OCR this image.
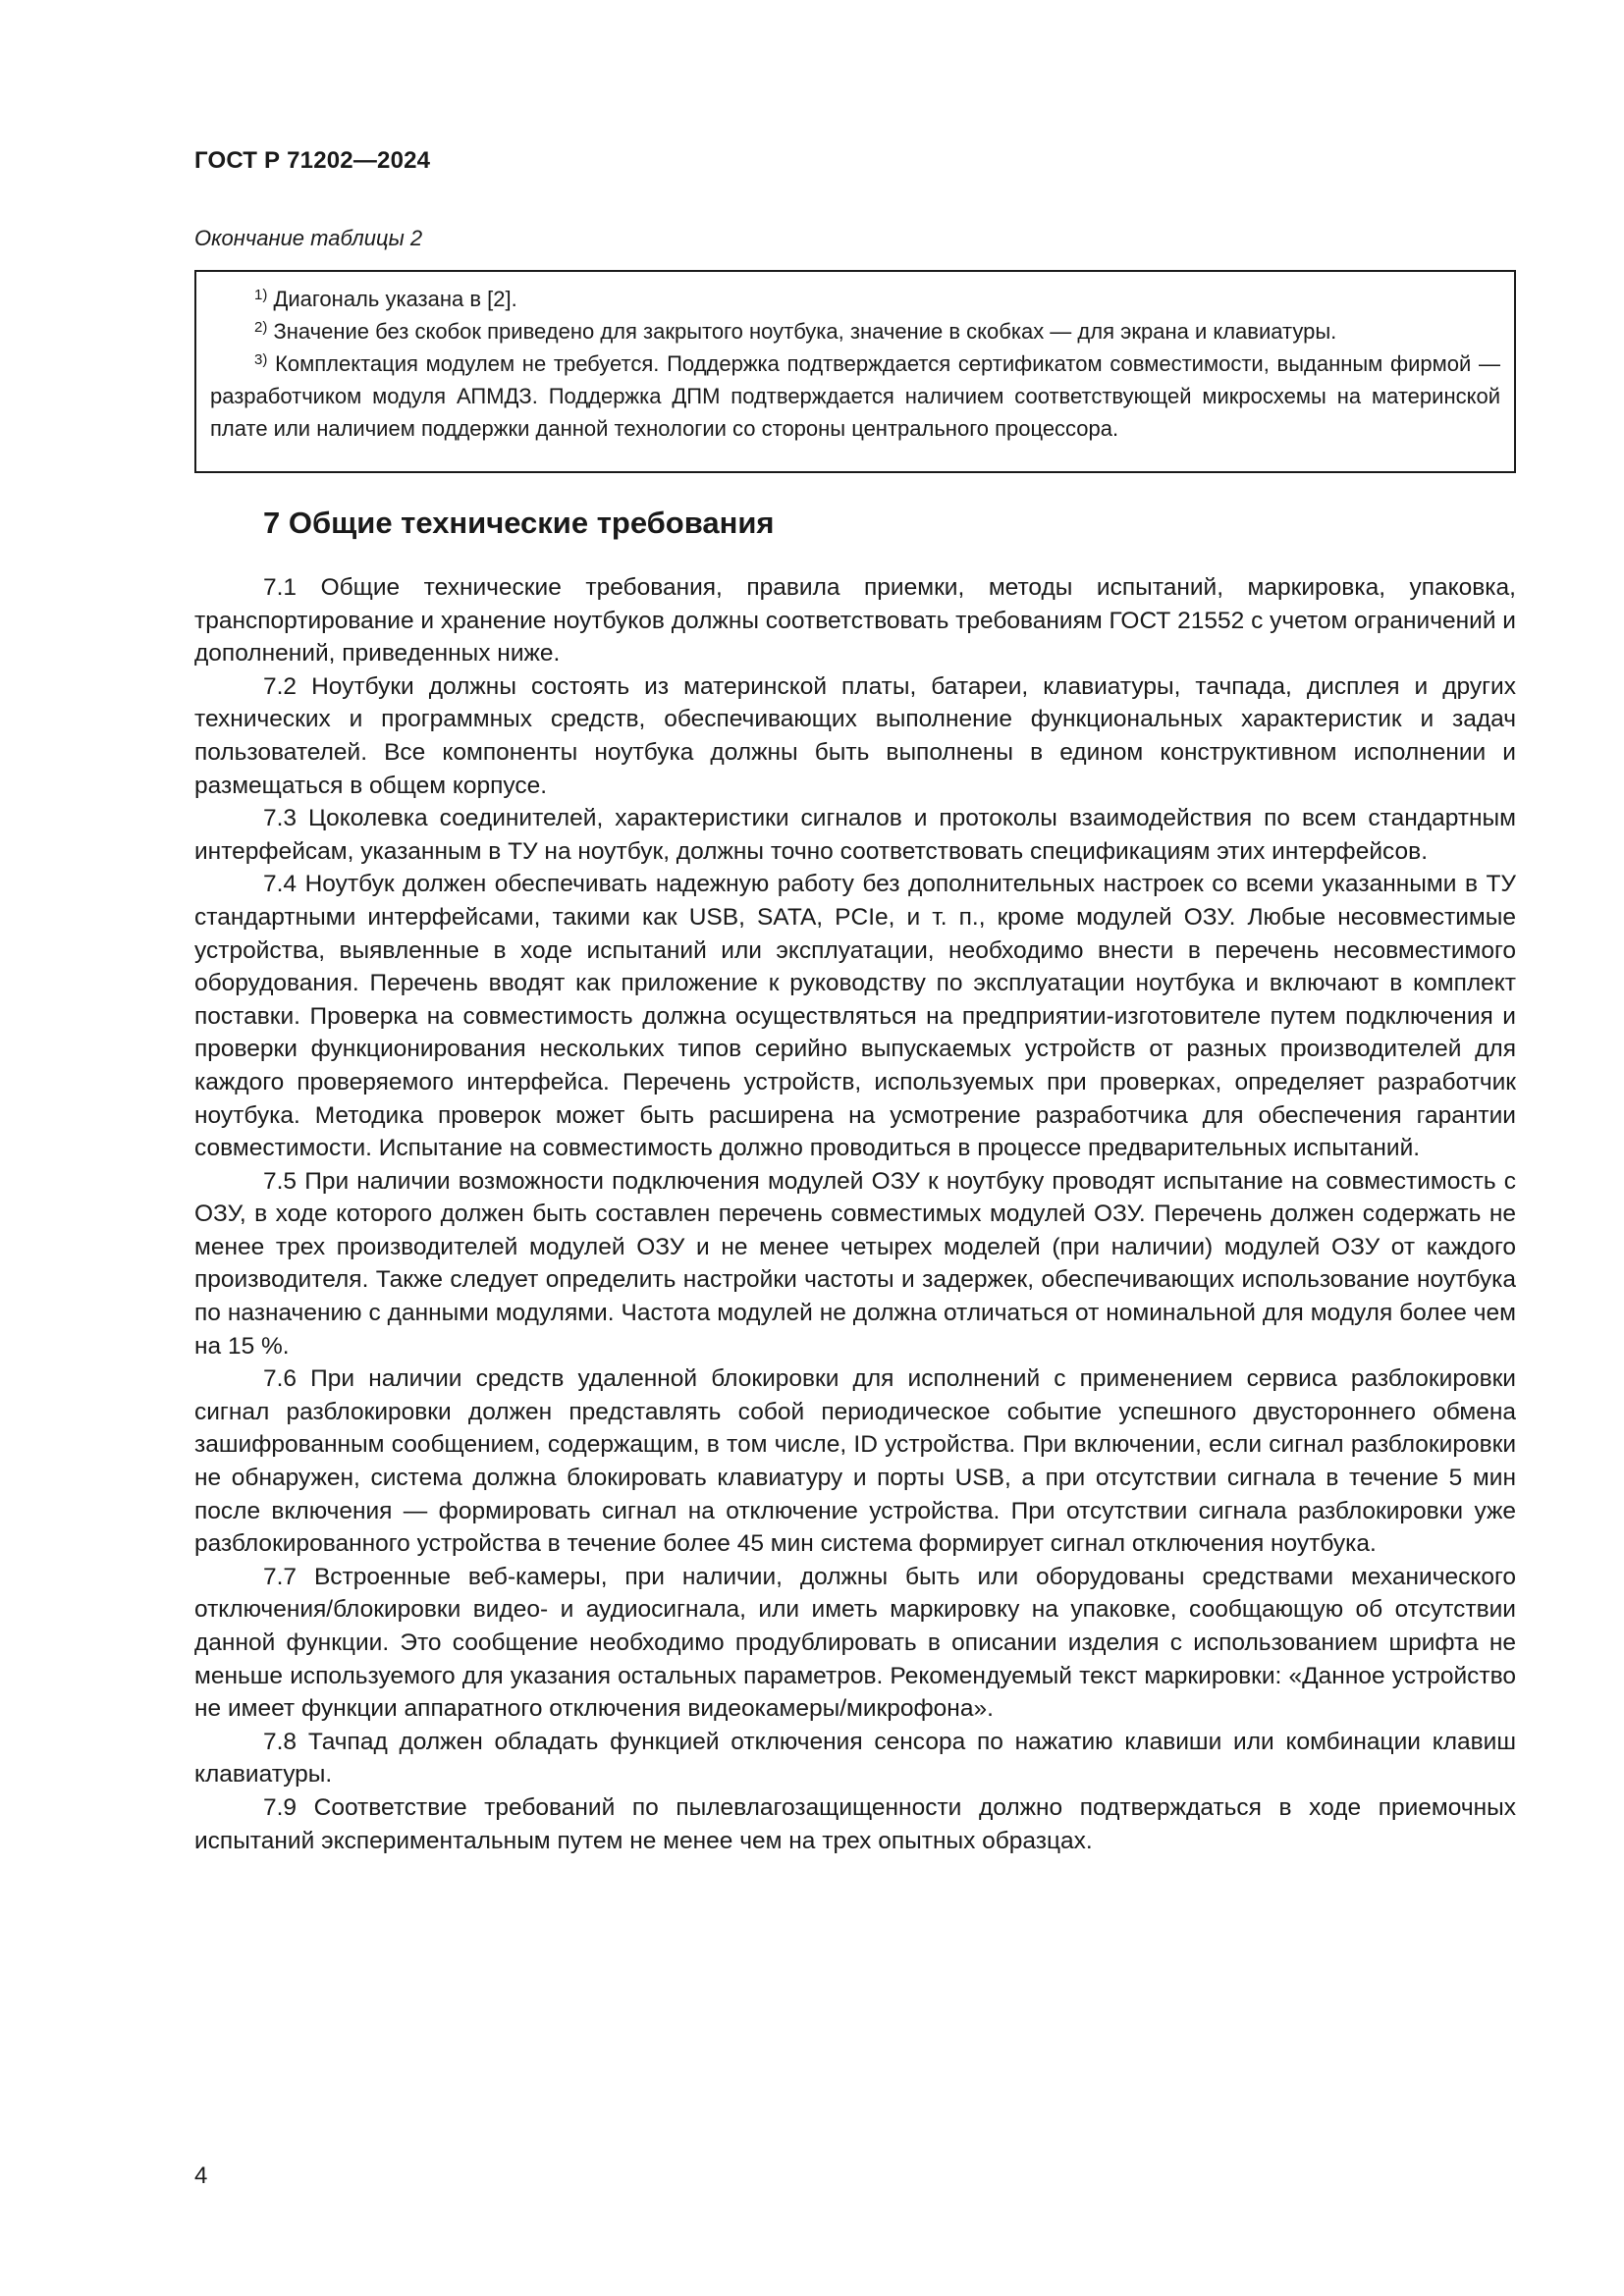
ГОСТ Р 71202—2024
Окончание таблицы 2

$^{1)}$ Диагональ указана в [2].

$^{2)}$ Значение без скобок приведено для закрытого ноутбука, значение в скобках — для экрана и клавиатуры.

$^{3)}$ Комплектация модулем не требуется. Поддержка подтверждается сертификатом совместимости, выданным фирмой — разработчиком модуля АПМДЗ. Поддержка ДПМ подтверждается наличием соответствующей микросхемы на материнской плате или наличием поддержки данной технологии со стороны центрального процессора.

7 Общие технические требования

7.1 Общие технические требования, правила приемки, методы испытаний, маркировка, упаковка, транспортирование и хранение ноутбуков должны соответствовать требованиям ГОСТ 21552 с учетом ограничений и дополнений, приведенных ниже.

7.2 Ноутбуки должны состоять из материнской платы, батареи, клавиатуры, тачпада, дисплея и других технических и программных средств, обеспечивающих выполнение функциональных характеристик и задач пользователей. Все компоненты ноутбука должны быть выполнены в едином конструктивном исполнении и размещаться в общем корпусе.

7.3 Цоколевка соединителей, характеристики сигналов и протоколы взаимодействия по всем стандартным интерфейсам, указанным в ТУ на ноутбук, должны точно соответствовать спецификациям этих интерфейсов.

7.4 Ноутбук должен обеспечивать надежную работу без дополнительных настроек со всеми указанными в ТУ стандартными интерфейсами, такими как USB, SATA, PCIe, и т. п., кроме модулей ОЗУ. Любые несовместимые устройства, выявленные в ходе испытаний или эксплуатации, необходимо внести в перечень несовместимого оборудования. Перечень вводят как приложение к руководству по эксплуатации ноутбука и включают в комплект поставки. Проверка на совместимость должна осуществляться на предприятии-изготовителе путем подключения и проверки функционирования нескольких типов серийно выпускаемых устройств от разных производителей для каждого проверяемого интерфейса. Перечень устройств, используемых при проверках, определяет разработчик ноутбука. Методика проверок может быть расширена на усмотрение разработчика для обеспечения гарантии совместимости. Испытание на совместимость должно проводиться в процессе предварительных испытаний.

7.5 При наличии возможности подключения модулей ОЗУ к ноутбуку проводят испытание на совместимость с ОЗУ, в ходе которого должен быть составлен перечень совместимых модулей ОЗУ. Перечень должен содержать не менее трех производителей модулей ОЗУ и не менее четырех моделей (при наличии) модулей ОЗУ от каждого производителя. Также следует определить настройки частоты и задержек, обеспечивающих использование ноутбука по назначению с данными модулями. Частота модулей не должна отличаться от номинальной для модуля более чем на 15 %.

7.6 При наличии средств удаленной блокировки для исполнений с применением сервиса разблокировки сигнал разблокировки должен представлять собой периодическое событие успешного двустороннего обмена зашифрованным сообщением, содержащим, в том числе, ID устройства. При включении, если сигнал разблокировки не обнаружен, система должна блокировать клавиатуру и порты USB, а при отсутствии сигнала в течение 5 мин после включения — формировать сигнал на отключение устройства. При отсутствии сигнала разблокировки уже разблокированного устройства в течение более 45 мин система формирует сигнал отключения ноутбука.

7.7 Встроенные веб-камеры, при наличии, должны быть или оборудованы средствами механического отключения/блокировки видео- и аудиосигнала, или иметь маркировку на упаковке, сообщающую об отсутствии данной функции. Это сообщение необходимо продублировать в описании изделия с использованием шрифта не меньше используемого для указания остальных параметров. Рекомендуемый текст маркировки: «Данное устройство не имеет функции аппаратного отключения видеокамеры/микрофона».

7.8 Тачпад должен обладать функцией отключения сенсора по нажатию клавиши или комбинации клавиш клавиатуры.

7.9 Соответствие требований по пылевлагозащищенности должно подтверждаться в ходе приемочных испытаний экспериментальным путем не менее чем на трех опытных образцах.

4
